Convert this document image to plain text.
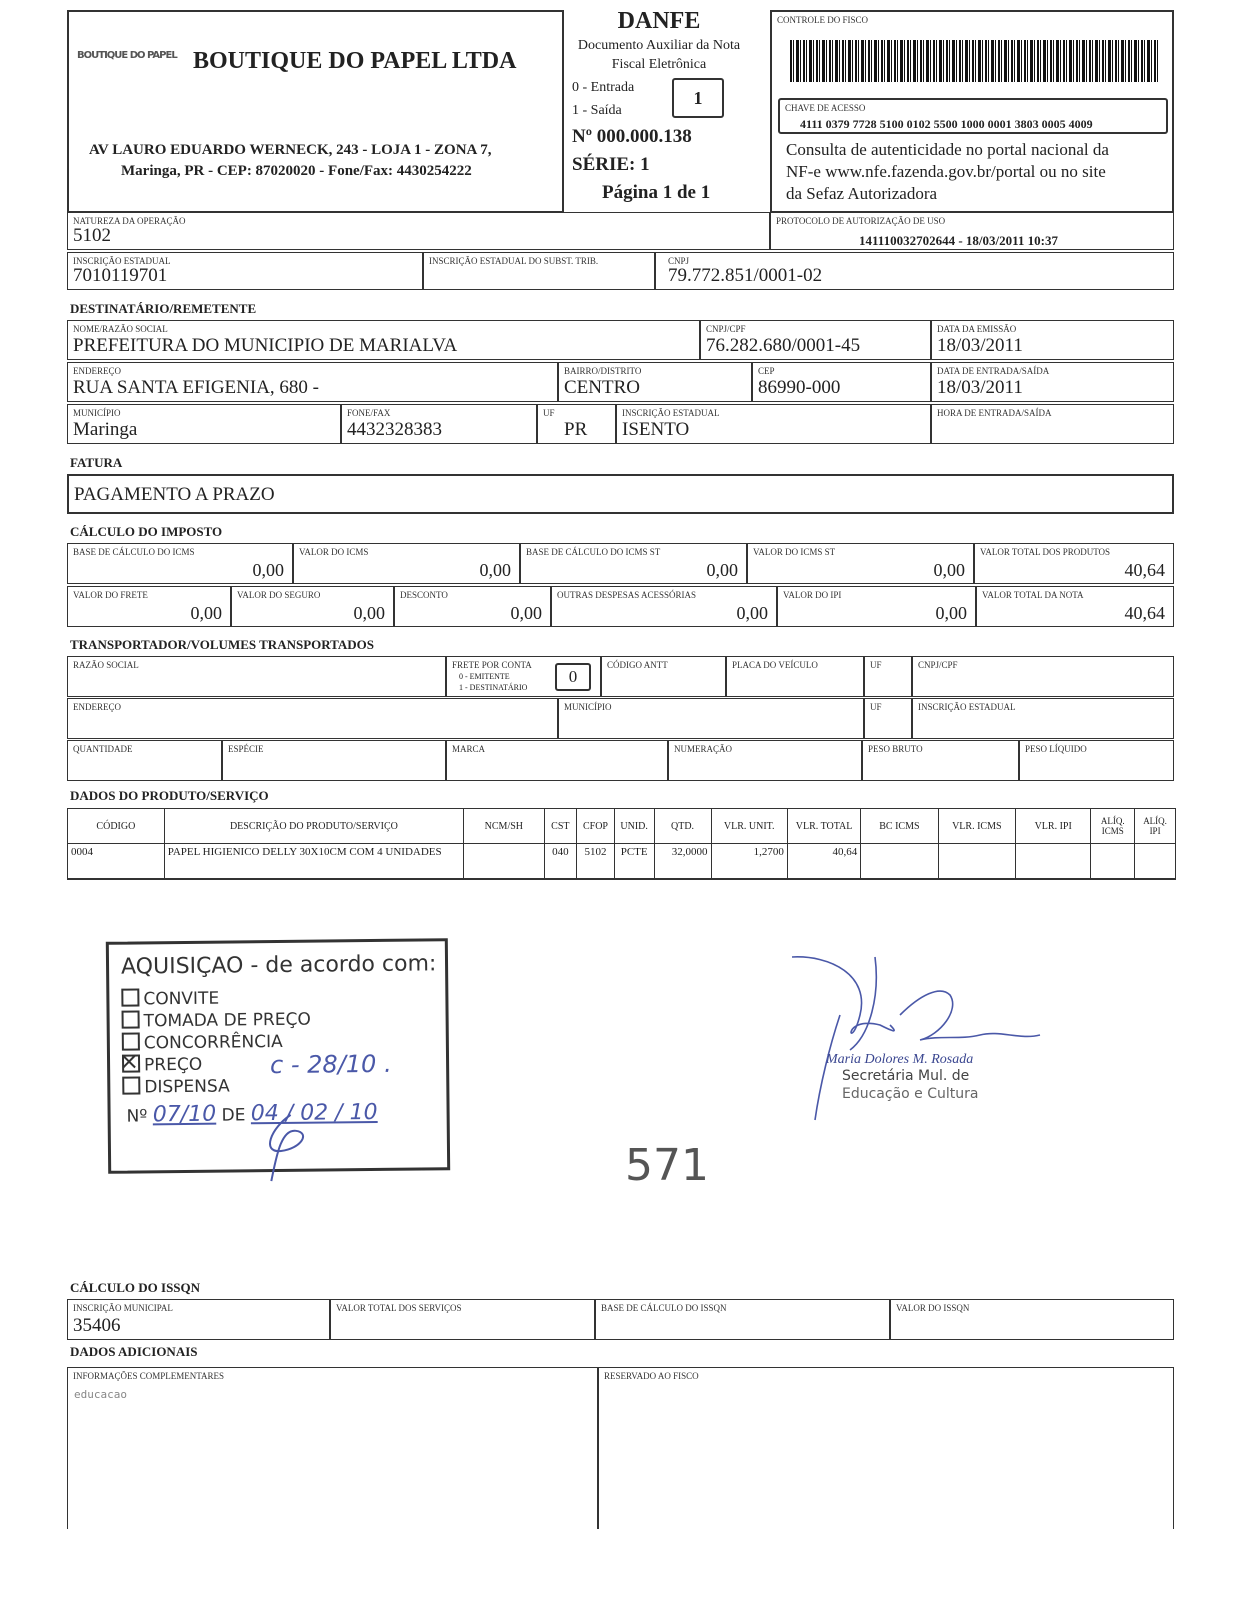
BOUTIQUE DO PAPEL BOUTIQUE DO PAPEL LTDA
AV LAURO EDUARDO WERNECK, 243 - LOJA 1 - ZONA 7,
Maringa, PR - CEP: 87020020 - Fone/Fax: 4430254222
DANFE
Documento Auxiliar da Nota
Fiscal Eletrônica
0 - Entrada
1 - Saída
1
Nº 000.000.138
SÉRIE: 1
Página 1 de 1
CONTROLE DO FISCO
CHAVE DE ACESSO
4111 0379 7728 5100 0102 5500 1000 0001 3803 0005 4009
Consulta de autenticidade no portal nacional da
NF-e www.nfe.fazenda.gov.br/portal ou no site
da Sefaz Autorizadora
NATUREZA DA OPERAÇÃO
5102
PROTOCOLO DE AUTORIZAÇÃO DE USO
141110032702644 - 18/03/2011 10:37
INSCRIÇÃO ESTADUAL
7010119701
INSCRIÇÃO ESTADUAL DO SUBST. TRIB.	CNPJ
79.772.851/0001-02
DESTINATÁRIO/REMETENTE
NOME/RAZÃO SOCIAL
PREFEITURA DO MUNICIPIO DE MARIALVA
CNPJ/CPF
76.282.680/0001-45
DATA DA EMISSÃO
18/03/2011
ENDEREÇO
RUA SANTA EFIGENIA, 680 -
BAIRRO/DISTRITO
CENTRO
CEP
86990-000
DATA DE ENTRADA/SAÍDA
18/03/2011
MUNICÍPIO
Maringa
FONE/FAX
4432328383
UF
PR
INSCRIÇÃO ESTADUAL
ISENTO
HORA DE ENTRADA/SAÍDA
FATURA
PAGAMENTO A PRAZO
CÁLCULO DO IMPOSTO
BASE DE CÁLCULO DO ICMS
0,00
VALOR DO ICMS
0,00
BASE DE CÁLCULO DO ICMS ST
0,00
VALOR DO ICMS ST
0,00
VALOR TOTAL DOS PRODUTOS
40,64
VALOR DO FRETE
0,00
VALOR DO SEGURO
0,00
DESCONTO
0,00
OUTRAS DESPESAS ACESSÓRIAS
0,00
VALOR DO IPI
0,00
VALOR TOTAL DA NOTA
40,64
TRANSPORTADOR/VOLUMES TRANSPORTADOS
RAZÃO SOCIAL	FRETE POR CONTA
0 - EMITENTE
1 - DESTINATÁRIO
0
CÓDIGO ANTT	PLACA DO VEÍCULO	UF	CNPJ/CPF
ENDEREÇO	MUNICÍPIO	UF	INSCRIÇÃO ESTADUAL
QUANTIDADE	ESPÉCIE	MARCA	NUMERAÇÃO	PESO BRUTO	PESO LÍQUIDO
DADOS DO PRODUTO/SERVIÇO
CÓDIGO	DESCRIÇÃO DO PRODUTO/SERVIÇO	NCM/SH	CST	CFOP	UNID.	QTD.	VLR. UNIT.	VLR. TOTAL	BC ICMS	VLR. ICMS	VLR. IPI	ALÍQ. ICMS	ALÍQ. IPI
0004	PAPEL HIGIENICO DELLY 30X10CM COM 4 UNIDADES		040	5102	PCTE	32,0000	1,2700	40,64					
AQUISIÇAO - de acordo com:
CONVITE
TOMADA DE PREÇO
CONCORRÊNCIA
PREÇO
DISPENSA
c - 28/10 .
Nº 07/10 DE 04 / 02 / 10
Maria Dolores M. Rosada
Secretária Mul. de
Educação e Cultura
571
CÁLCULO DO ISSQN
INSCRIÇÃO MUNICIPAL
35406
VALOR TOTAL DOS SERVIÇOS	BASE DE CÁLCULO DO ISSQN	VALOR DO ISSQN
DADOS ADICIONAIS
INFORMAÇÕES COMPLEMENTARES
educacao
RESERVADO AO FISCO
